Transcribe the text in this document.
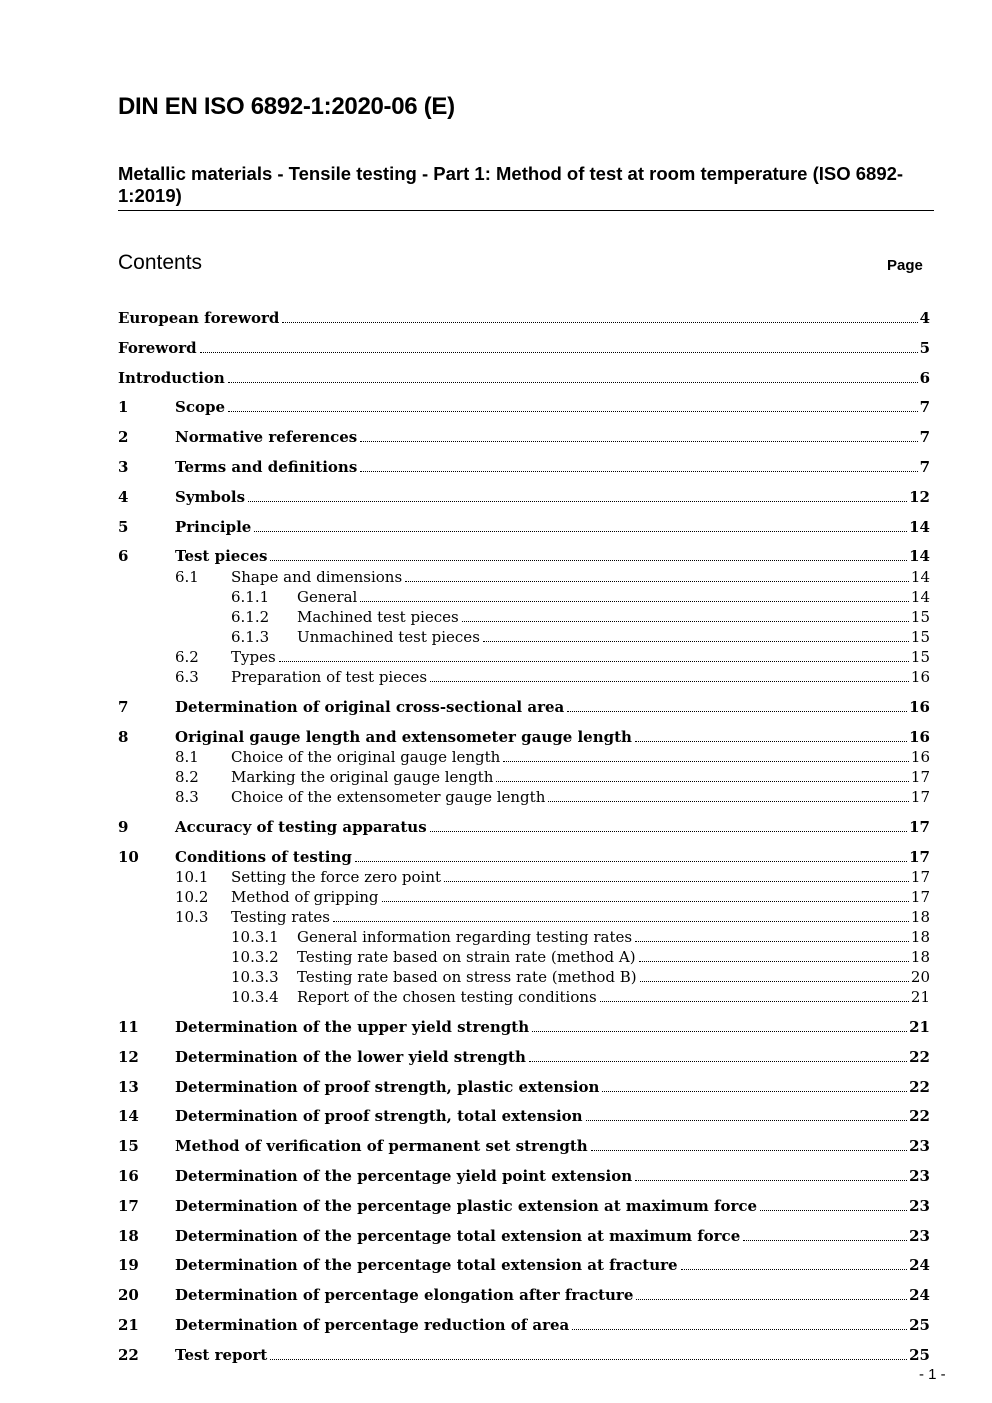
DIN EN ISO 6892-1:2020-06 (E)
Metallic materials - Tensile testing - Part 1: Method of test at room temperature (ISO 6892-1:2019)
Contents	Page
European foreword	4
Foreword	5
Introduction	6
1	Scope	7
2	Normative references	7
3	Terms and definitions	7
4	Symbols	12
5	Principle	14
6	Test pieces	14
6.1	Shape and dimensions	14
6.1.1	General	14
6.1.2	Machined test pieces	15
6.1.3	Unmachined test pieces	15
6.2	Types	15
6.3	Preparation of test pieces	16
7	Determination of original cross-sectional area	16
8	Original gauge length and extensometer gauge length	16
8.1	Choice of the original gauge length	16
8.2	Marking the original gauge length	17
8.3	Choice of the extensometer gauge length	17
9	Accuracy of testing apparatus	17
10	Conditions of testing	17
10.1	Setting the force zero point	17
10.2	Method of gripping	17
10.3	Testing rates	18
10.3.1	General information regarding testing rates	18
10.3.2	Testing rate based on strain rate (method A)	18
10.3.3	Testing rate based on stress rate (method B)	20
10.3.4	Report of the chosen testing conditions	21
11	Determination of the upper yield strength	21
12	Determination of the lower yield strength	22
13	Determination of proof strength, plastic extension	22
14	Determination of proof strength, total extension	22
15	Method of verification of permanent set strength	23
16	Determination of the percentage yield point extension	23
17	Determination of the percentage plastic extension at maximum force	23
18	Determination of the percentage total extension at maximum force	23
19	Determination of the percentage total extension at fracture	24
20	Determination of percentage elongation after fracture	24
21	Determination of percentage reduction of area	25
22	Test report	25
- 1 -
